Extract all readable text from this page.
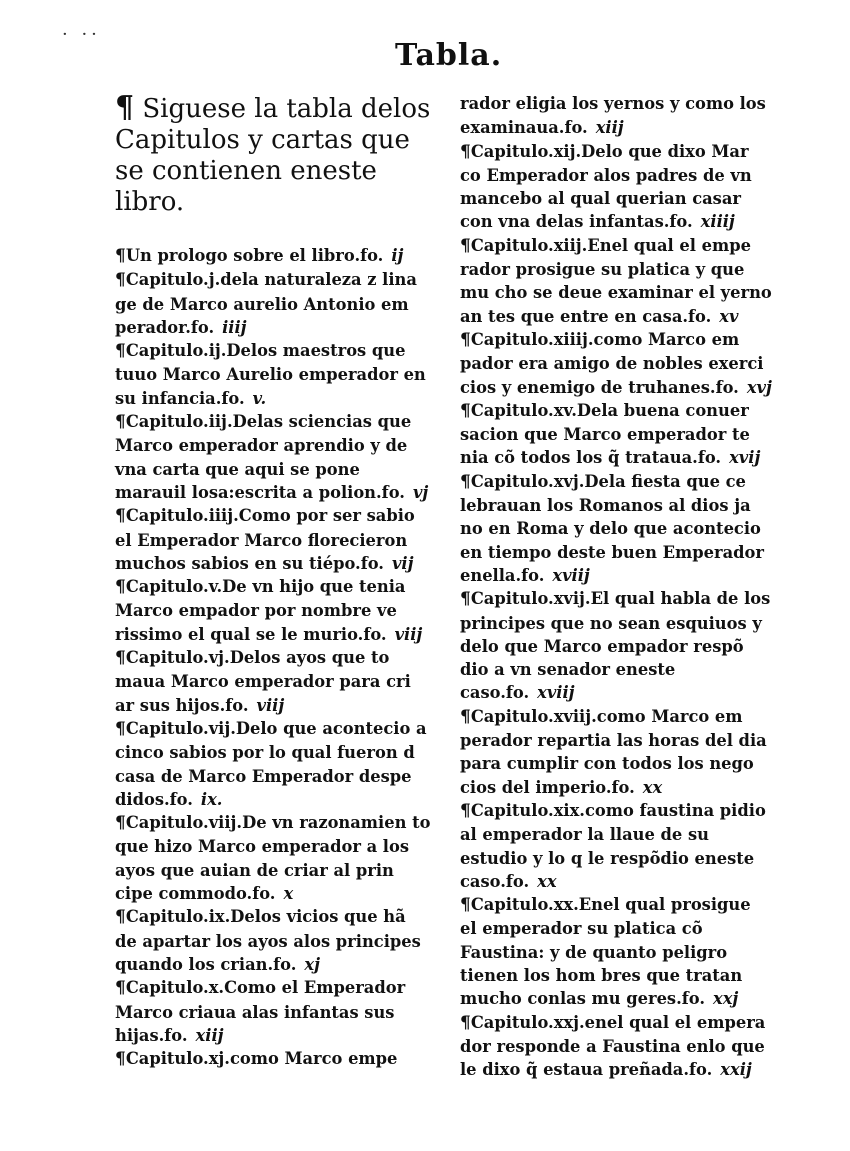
· ··
Tabla.
¶ Siguese la tabla delos
Capitulos y cartas que
se contienen eneste libro.
¶Un prologo sobre el libro.fo. ij
¶Capitulo.j.dela naturaleza z lina ge de Marco aurelio Antonio em perador.fo. iiij
¶Capitulo.ij.Delos maestros que tuuo Marco Aurelio emperador en su infancia.fo. v.
¶Capitulo.iij.Delas sciencias que Marco emperador aprendio y de vna carta que aqui se pone marauil losa:escrita a polion.fo. vj
¶Capitulo.iiij.Como por ser sabio el Emperador Marco florecieron muchos sabios en su tiépo.fo. vij
¶Capitulo.v.De vn hijo que tenia Marco empador por nombre ve rissimo el qual se le murio.fo. viij
¶Capitulo.vj.Delos ayos que to maua Marco emperador para cri ar sus hijos.fo. viij
¶Capitulo.vij.Delo que acontecio a cinco sabios por lo qual fueron d casa de Marco Emperador despe didos.fo. ix.
¶Capitulo.viij.De vn razonamien to que hizo Marco emperador a los ayos que auian de criar al prin cipe commodo.fo. x
¶Capitulo.ix.Delos vicios que hã de apartar los ayos alos principes quando los crian.fo. xj
¶Capitulo.x.Como el Emperador Marco criaua alas infantas sus hijas.fo. xiij
¶Capitulo.xj.como Marco empe
rador eligia los yernos y como los examinaua.fo. xiij
¶Capitulo.xij.Delo que dixo Mar co Emperador alos padres de vn mancebo al qual querian casar con vna delas infantas.fo. xiiij
¶Capitulo.xiij.Enel qual el empe rador prosigue su platica y que mu cho se deue examinar el yerno an tes que entre en casa.fo. xv
¶Capitulo.xiiij.como Marco em pador era amigo de nobles exerci cios y enemigo de truhanes.fo. xvj
¶Capitulo.xv.Dela buena conuer sacion que Marco emperador te nia cõ todos los q̃ trataua.fo. xvij
¶Capitulo.xvj.Dela fiesta que ce lebrauan los Romanos al dios ja no en Roma y delo que acontecio en tiempo deste buen Emperador enella.fo. xviij
¶Capitulo.xvij.El qual habla de los principes que no sean esquiuos y delo que Marco empador respõ dio a vn senador eneste caso.fo. xviij
¶Capitulo.xviij.como Marco em perador repartia las horas del dia para cumplir con todos los nego cios del imperio.fo. xx
¶Capitulo.xix.como faustina pidio al emperador la llaue de su estudio y lo q le respõdio eneste caso.fo. xx
¶Capitulo.xx.Enel qual prosigue el emperador su platica cõ Faustina: y de quanto peligro tienen los hom bres que tratan mucho conlas mu geres.fo. xxj
¶Capitulo.xxj.enel qual el empera dor responde a Faustina enlo que le dixo q̃ estaua preñada.fo. xxij
